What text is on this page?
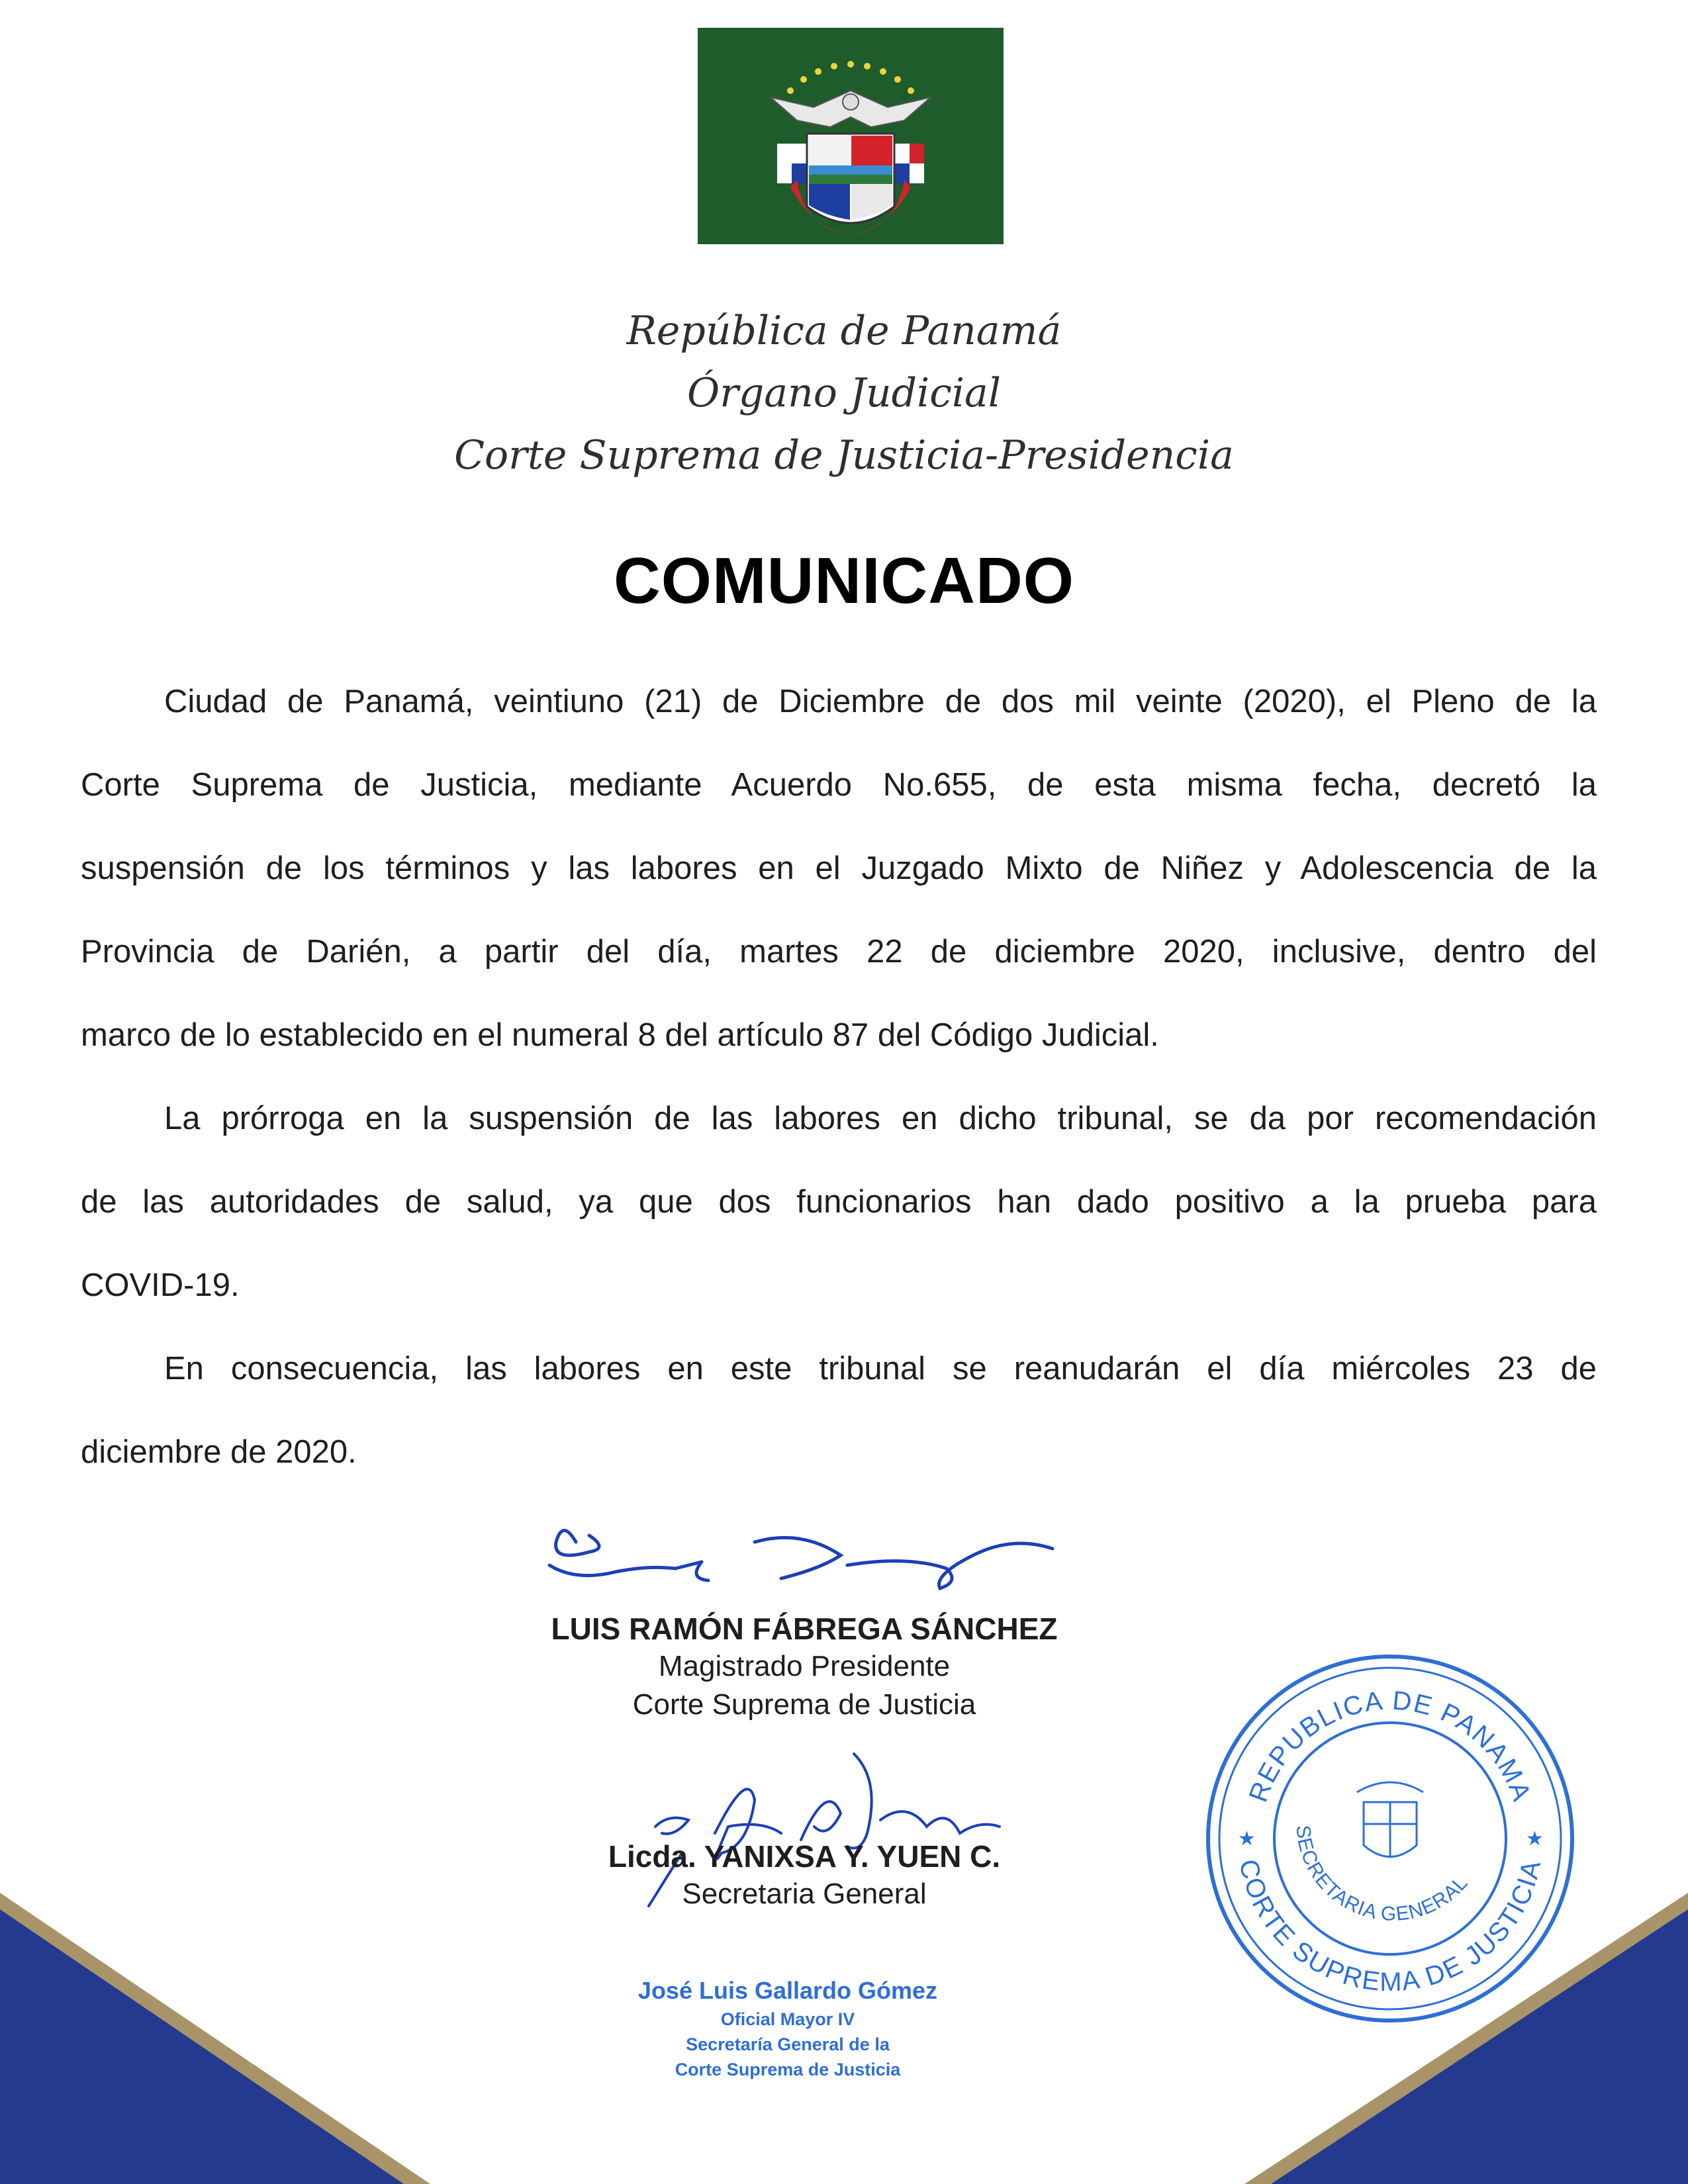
República de Panamá
Órgano Judicial
Corte Suprema de Justicia-Presidencia
COMUNICADO
Ciudad de Panamá, veintiuno (21) de Diciembre de dos mil veinte (2020), el Pleno de la
Corte Suprema de Justicia, mediante Acuerdo No.655, de esta misma fecha, decretó la
suspensión de los términos y las labores en el Juzgado Mixto de Niñez y Adolescencia de la
Provincia de Darién, a partir del día, martes 22 de diciembre 2020, inclusive, dentro del
marco de lo establecido en el numeral 8 del artículo 87 del Código Judicial.
La prórroga en la suspensión de las labores en dicho tribunal, se da por recomendación
de las autoridades de salud, ya que dos funcionarios han dado positivo a la prueba para
COVID-19.
En consecuencia, las labores en este tribunal se reanudarán el día miércoles 23 de
diciembre de 2020.
LUIS RAMÓN FÁBREGA SÁNCHEZ
Magistrado Presidente
Corte Suprema de Justicia
Licda. YANIXSA Y. YUEN C.
Secretaria General
José Luis Gallardo Gómez
Oficial Mayor IV
Secretaría General de la
Corte Suprema de Justicia
REPUBLICA DE PANAMA
CORTE SUPREMA DE JUSTICIA
SECRETARIA GENERAL
★	★
